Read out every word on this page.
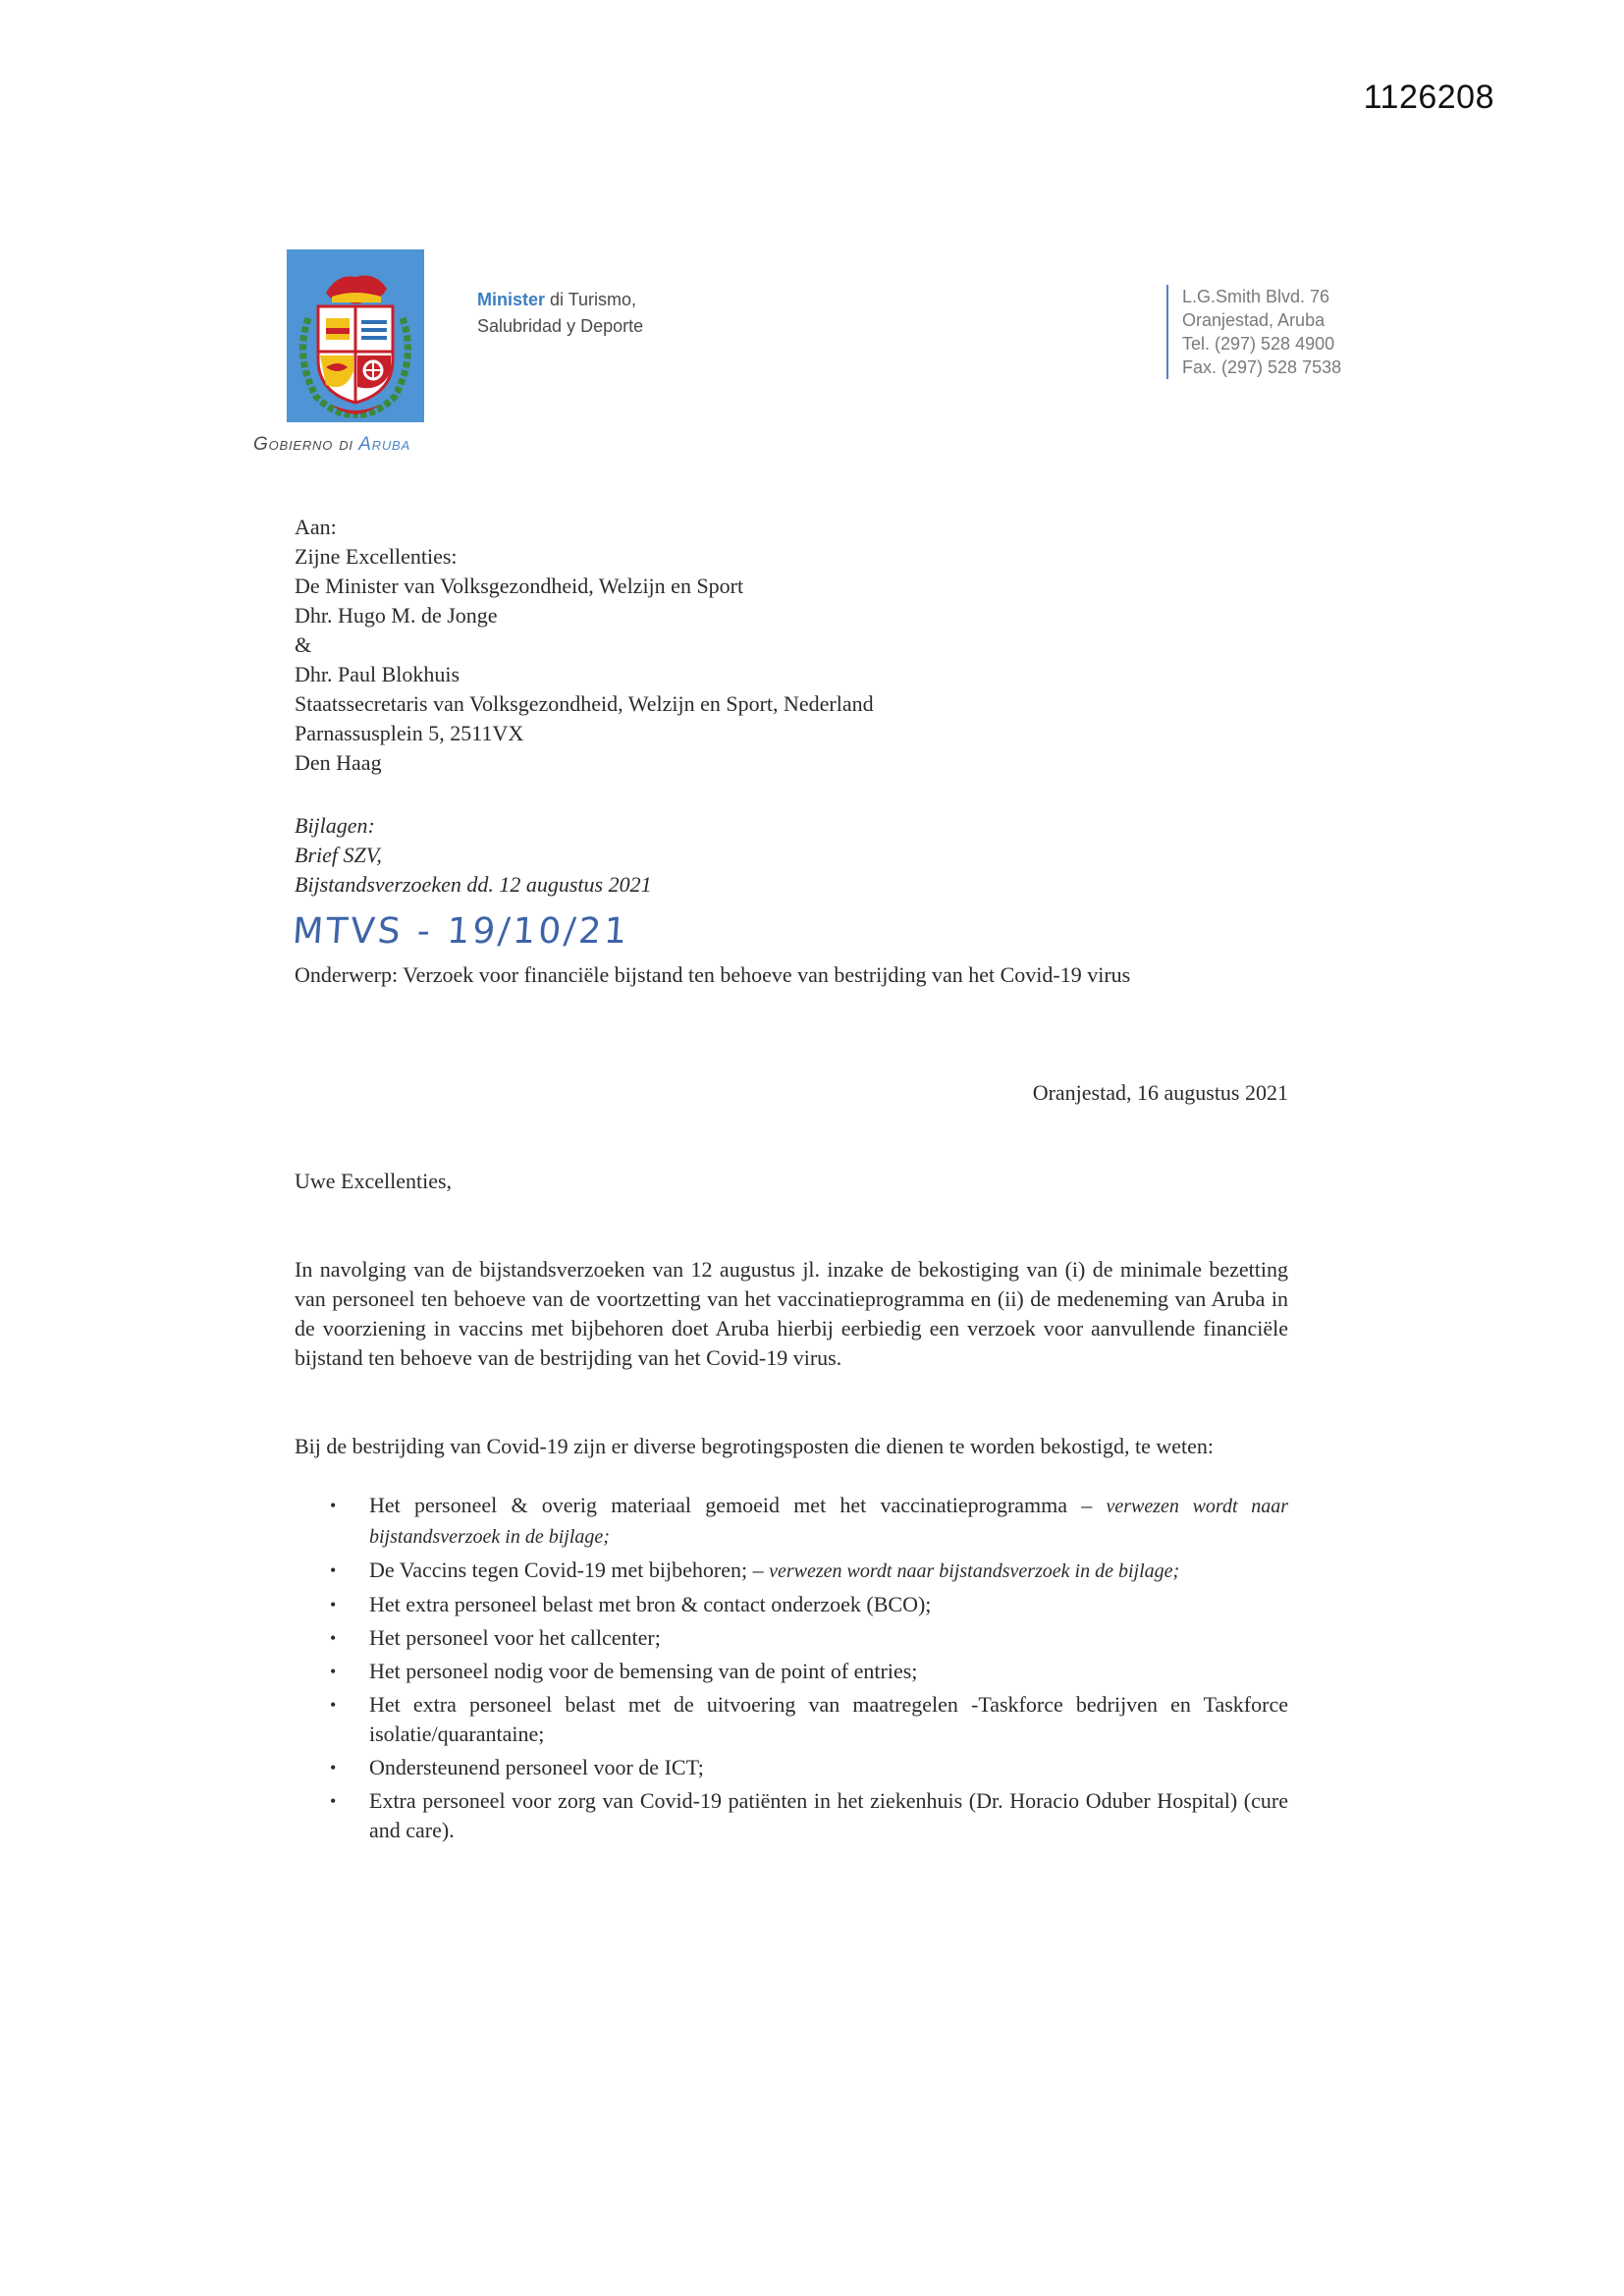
1126208
Gobierno di Aruba
Minister di Turismo,
Salubridad y Deporte
L.G.Smith Blvd. 76
Oranjestad, Aruba
Tel. (297) 528 4900
Fax. (297) 528 7538
Aan:
Zijne Excellenties:
De Minister van Volksgezondheid, Welzijn en Sport
Dhr. Hugo M. de Jonge
&
Dhr. Paul Blokhuis
Staatssecretaris van Volksgezondheid, Welzijn en Sport, Nederland
Parnassusplein 5, 2511VX
Den Haag
Bijlagen:
Brief SZV,
Bijstandsverzoeken dd. 12 augustus 2021
MTVS - 19/10/21
Onderwerp: Verzoek voor financiële bijstand ten behoeve van bestrijding van het Covid-19 virus
Oranjestad, 16 augustus 2021
Uwe Excellenties,
In navolging van de bijstandsverzoeken van 12 augustus jl. inzake de bekostiging van (i) de minimale bezetting van personeel ten behoeve van de voortzetting van het vaccinatieprogramma en (ii) de medeneming van Aruba in de voorziening in vaccins met bijbehoren doet Aruba hierbij eerbiedig een verzoek voor aanvullende financiële bijstand ten behoeve van de bestrijding van het Covid-19 virus.
Bij de bestrijding van Covid-19 zijn er diverse begrotingsposten die dienen te worden bekostigd, te weten:
• Het personeel & overig materiaal gemoeid met het vaccinatieprogramma – verwezen wordt naar bijstandsverzoek in de bijlage;
• De Vaccins tegen Covid-19 met bijbehoren; – verwezen wordt naar bijstandsverzoek in de bijlage;
• Het extra personeel belast met bron & contact onderzoek (BCO);
• Het personeel voor het callcenter;
• Het personeel nodig voor de bemensing van de point of entries;
• Het extra personeel belast met de uitvoering van maatregelen -Taskforce bedrijven en Taskforce isolatie/quarantaine;
• Ondersteunend personeel voor de ICT;
• Extra personeel voor zorg van Covid-19 patiënten in het ziekenhuis (Dr. Horacio Oduber Hospital) (cure and care).
